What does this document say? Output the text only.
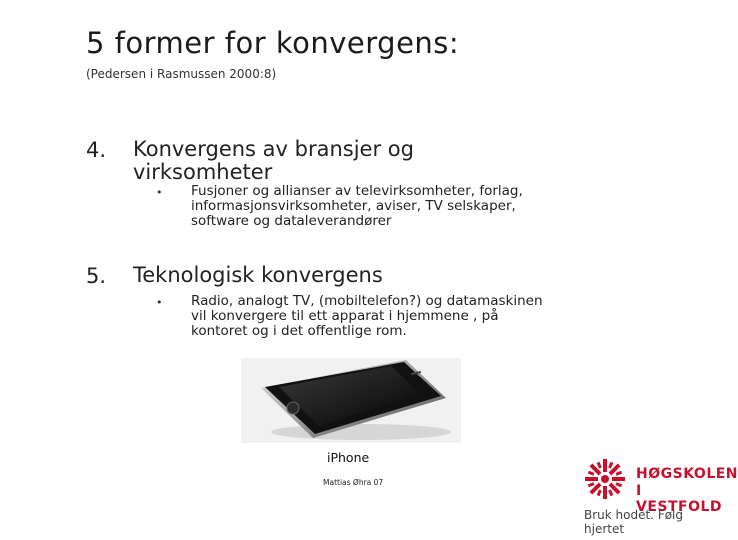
5 former for konvergens:
(Pedersen i Rasmussen 2000:8)
4. Konvergens av bransjer og
virksomheter
• Fusjoner og allianser av televirksomheter, forlag,
informasjonsvirksomheter, aviser, TV selskaper,
software og dataleverandører
5. Teknologisk konvergens
• Radio, analogt TV, (mobiltelefon?) og datamaskinen
vil konvergere til ett apparat i hjemmene , på
kontoret og i det offentlige rom.
iPhone
Mattias Øhra 07
HØGSKOLEN
I VESTFOLD
Bruk hodet. Følg hjertet
